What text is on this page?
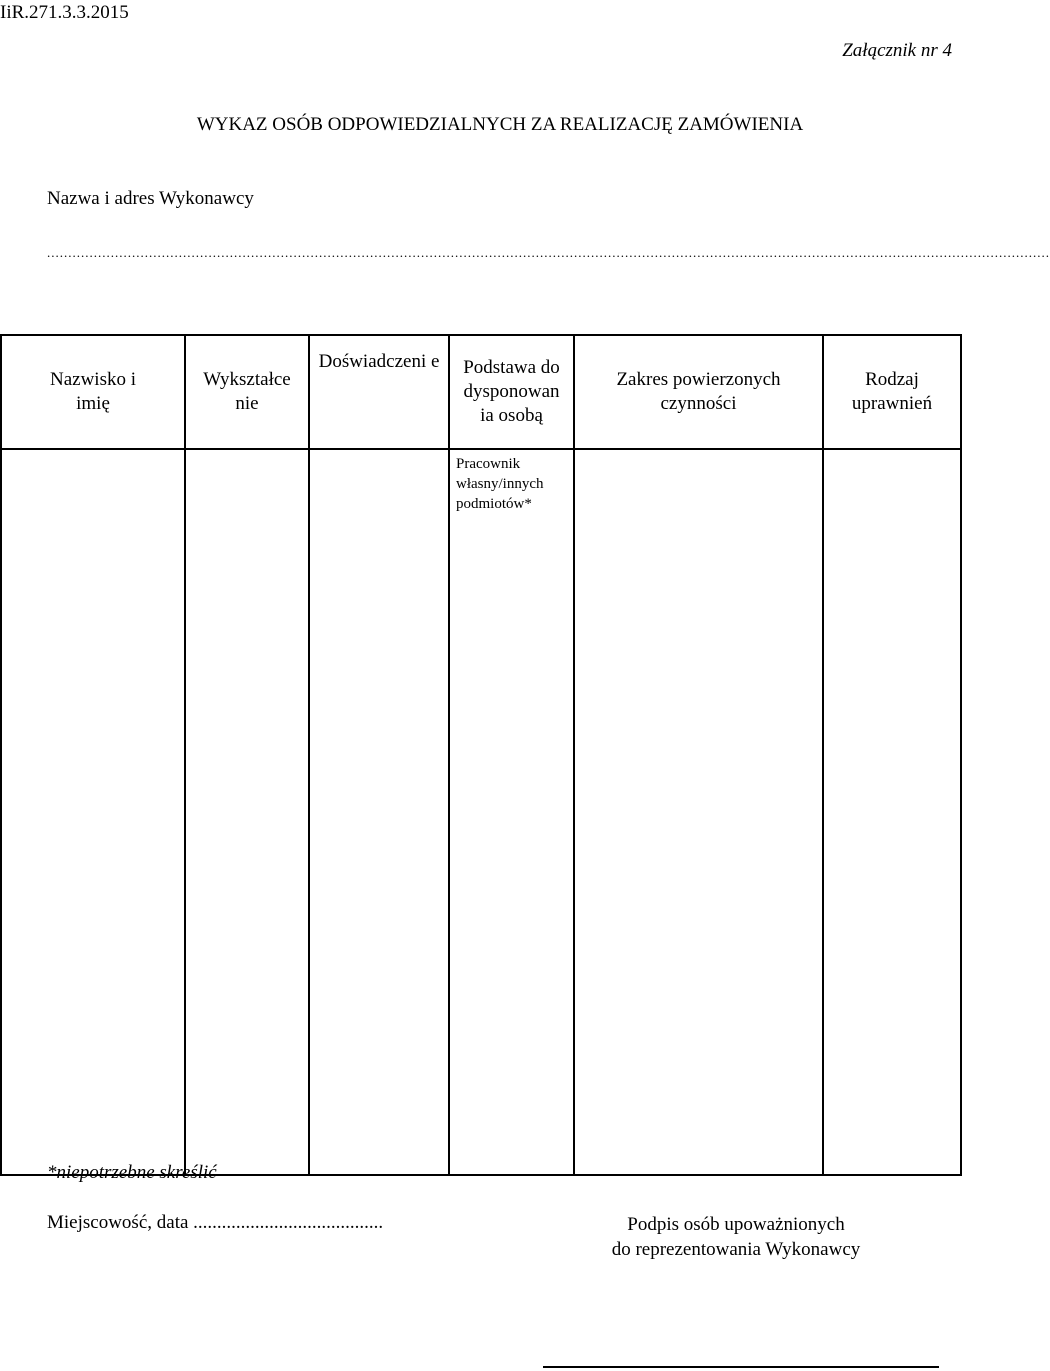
IiR.271.3.3.2015
Załącznik nr 4
WYKAZ OSÓB ODPOWIEDZIALNYCH ZA REALIZACJĘ ZAMÓWIENIA
Nazwa i adres Wykonawcy
............................................................................................................................................................................................................................................
Nazwisko i imię	Wykształce nie	Doświadczeni e	Podstawa do dysponowan ia osobą	Zakres powierzonych czynności	Rodzaj uprawnień

			Pracownik własny/innych podmiotów*		

*niepotrzebne skreślić
Miejscowość, data ........................................	Podpis osób upoważnionych
do reprezentowania Wykonawcy
